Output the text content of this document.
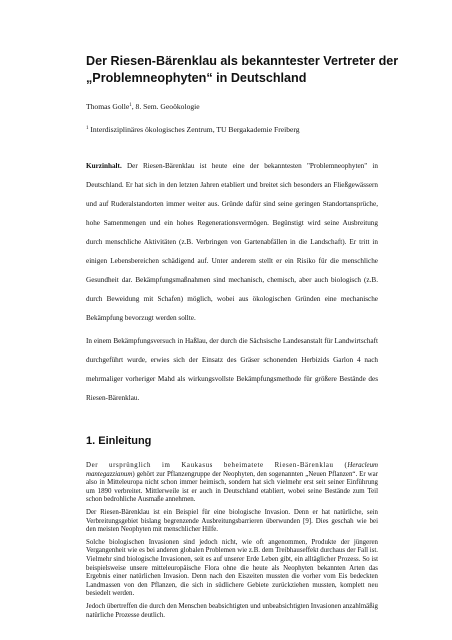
Der Riesen-Bärenklau als bekanntester Vertreter der „Problemneophyten“ in Deutschland
Thomas Golle$^1$, 8. Sem. Geoökologie
$^1$ Interdisziplinäres ökologisches Zentrum, TU Bergakademie Freiberg

Kurzinhalt. Der Riesen-Bärenklau ist heute eine der bekanntesten "Problemneophyten" in Deutschland. Er hat sich in den letzten Jahren etabliert und breitet sich besonders an Fließgewässern und auf Ruderalstandorten immer weiter aus. Gründe dafür sind seine geringen Standortansprüche, hohe Samenmengen und ein hohes Regenerationsvermögen. Begünstigt wird seine Ausbreitung durch menschliche Aktivitäten (z.B. Verbringen von Gartenabfällen in die Landschaft). Er tritt in einigen Lebensbereichen schädigend auf. Unter anderem stellt er ein Risiko für die menschliche Gesundheit dar. Bekämpfungsmaßnahmen sind mechanisch, chemisch, aber auch biologisch (z.B. durch Beweidung mit Schafen) möglich, wobei aus ökologischen Gründen eine mechanische Bekämpfung bevorzugt werden sollte.

In einem Bekämpfungsversuch in Haßlau, der durch die Sächsische Landesanstalt für Landwirtschaft durchgeführt wurde, erwies sich der Einsatz des Gräser schonenden Herbizids Garlon 4 nach mehrmaliger vorheriger Mahd als wirkungsvollste Bekämpfungsmethode für größere Bestände des Riesen-Bärenklau.

1. Einleitung

Der ursprünglich im Kaukasus beheimatete Riesen-Bärenklau (Heracleum mantegazzianum) gehört zur Pflanzengruppe der Neophyten, den sogenannten „Neuen Pflanzen“. Er war also in Mitteleuropa nicht schon immer heimisch, sondern hat sich vielmehr erst seit seiner Einführung um 1890 verbreitet. Mittlerweile ist er auch in Deutschland etabliert, wobei seine Bestände zum Teil schon bedrohliche Ausmaße annehmen.

Der Riesen-Bärenklau ist ein Beispiel für eine biologische Invasion. Denn er hat natürliche, sein Verbreitungsgebiet bislang begrenzende Ausbreitungsbarrieren überwunden [9]. Dies geschah wie bei den meisten Neophyten mit menschlicher Hilfe.

Solche biologischen Invasionen sind jedoch nicht, wie oft angenommen, Produkte der jüngeren Vergangenheit wie es bei anderen globalen Problemen wie z.B. dem Treibhauseffekt durchaus der Fall ist. Vielmehr sind biologische Invasionen, seit es auf unserer Erde Leben gibt, ein alltäglicher Prozess. So ist beispielsweise unsere mitteleuropäische Flora ohne die heute als Neophyten bekannten Arten das Ergebnis einer natürlichen Invasion. Denn nach den Eiszeiten mussten die vorher vom Eis bedeckten Landmassen von den Pflanzen, die sich in südlichere Gebiete zurückziehen mussten, komplett neu besiedelt werden.

Jedoch übertreffen die durch den Menschen beabsichtigten und unbeabsichtigten Invasionen anzahlmäßig natürliche Prozesse deutlich.
